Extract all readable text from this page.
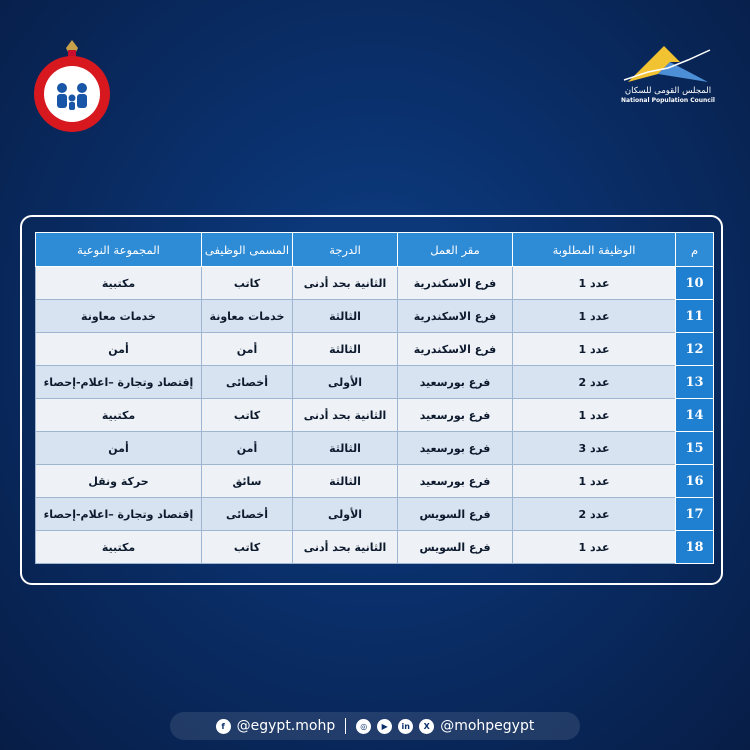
المجلس القومى للسكان
National Population Council
م	الوظيفة المطلوبة	مقر العمل	الدرجة	المسمى الوظيفى	المجموعة النوعية
10	عدد 1	فرع الاسكندرية	الثانية بحد أدنى	كاتب	مكتبية
11	عدد 1	فرع الاسكندرية	الثالثة	خدمات معاونة	خدمات معاونة
12	عدد 1	فرع الاسكندرية	الثالثة	أمن	أمن
13	عدد 2	فرع بورسعيد	الأولى	أخصائى	إقتصاد وتجارة –اعلام-إحصاء
14	عدد 1	فرع بورسعيد	الثانية بحد أدنى	كاتب	مكتبية
15	عدد 3	فرع بورسعيد	الثالثة	أمن	أمن
16	عدد 1	فرع بورسعيد	الثالثة	سائق	حركة ونقل
17	عدد 2	فرع السويس	الأولى	أخصائى	إقتصاد وتجارة –اعلام-إحصاء
18	عدد 1	فرع السويس	الثانية بحد أدنى	كاتب	مكتبية
f @egypt.mohp	◎	▶	in	X @mohpegypt
